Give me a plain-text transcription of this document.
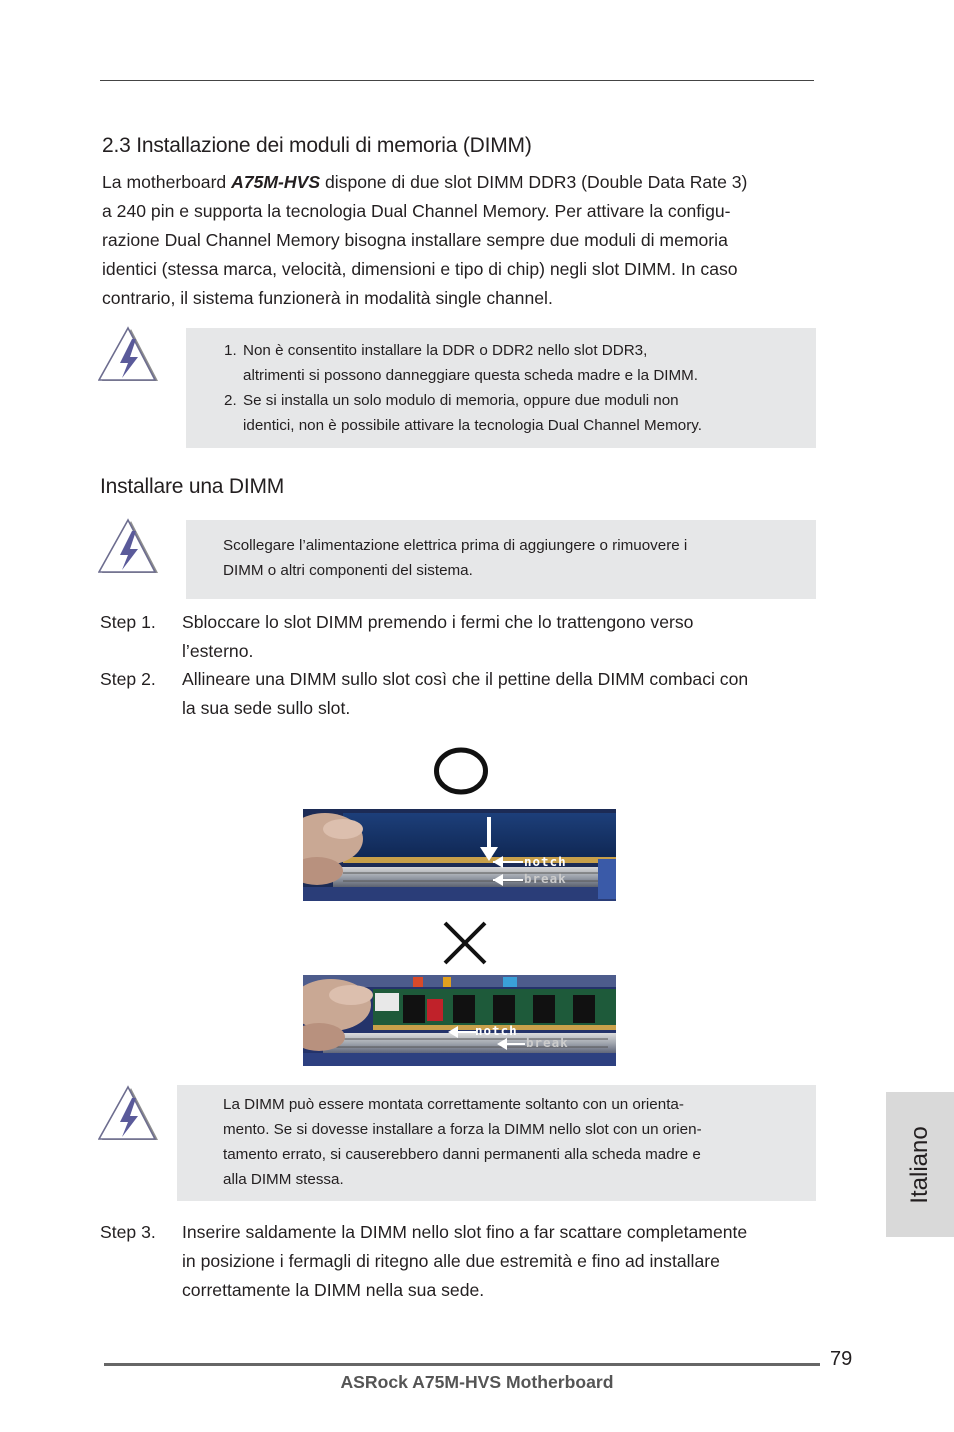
2.3 Installazione dei moduli di memoria (DIMM)
La motherboard A75M-HVS dispone di due slot DIMM DDR3 (Double Data Rate 3)
a 240 pin e supporta la tecnologia Dual Channel Memory. Per attivare la configu-
razione Dual Channel Memory bisogna installare sempre due moduli di memoria
identici (stessa marca, velocità, dimensioni e tipo di chip) negli slot DIMM. In caso
contrario, il sistema funzionerà in modalità single channel.
1. Non è consentito installare la DDR o DDR2 nello slot DDR3,
altrimenti si possono danneggiare questa scheda madre e la DIMM.
2. Se si installa un solo modulo di memoria, oppure due moduli non
identici, non è possibile attivare la tecnologia Dual Channel Memory.
Installare una DIMM
Scollegare l’alimentazione elettrica prima di aggiungere o rimuovere i
DIMM o altri componenti del sistema.
Step 1. Sbloccare lo slot DIMM premendo i fermi che lo trattengono verso
l’esterno.
Step 2. Allineare una DIMM sullo slot così che il pettine della DIMM combaci con
la sua sede sullo slot.
notch
break
notch
break
La DIMM può essere montata correttamente soltanto con un orienta-
mento. Se si dovesse installare a forza la DIMM nello slot con un orien-
tamento errato, si causerebbero danni permanenti alla scheda madre e
alla DIMM stessa.	Italiano
Step 3. Inserire saldamente la DIMM nello slot fino a far scattare completamente
in posizione i fermagli di ritegno alle due estremità e fino ad installare
correttamente la DIMM nella sua sede.
79
ASRock A75M-HVS Motherboard
